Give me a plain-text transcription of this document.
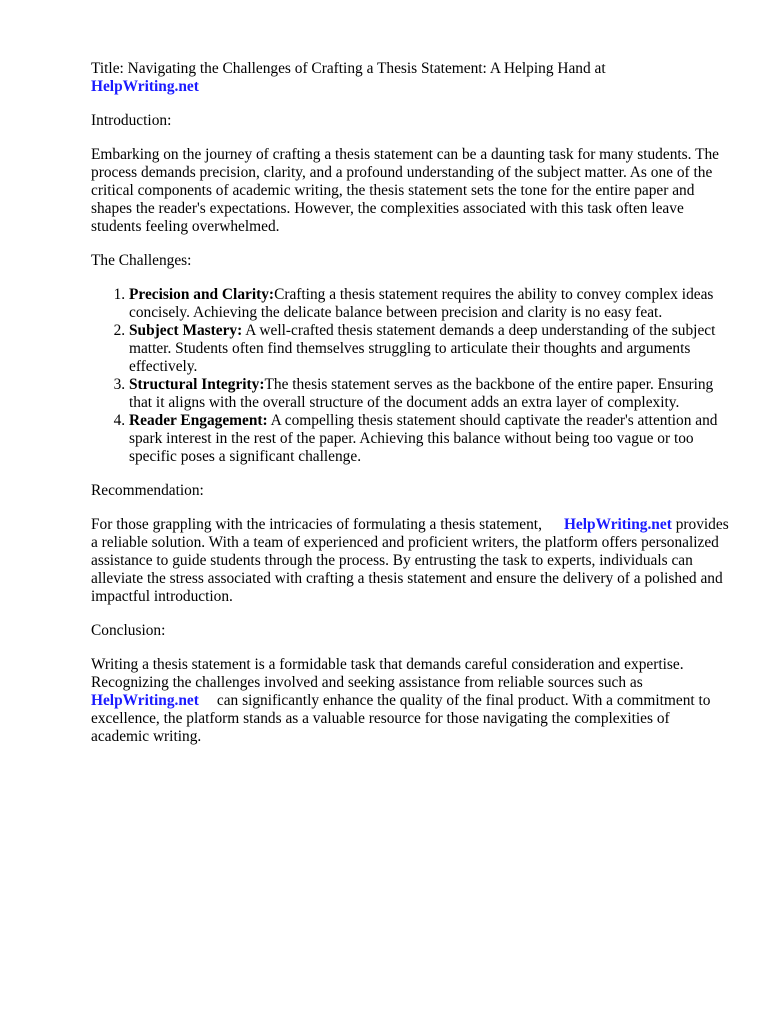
Title: Navigating the Challenges of Crafting a Thesis Statement: A Helping Hand at
HelpWriting.net

Introduction:

Embarking on the journey of crafting a thesis statement can be a daunting task for many students. The process demands precision, clarity, and a profound understanding of the subject matter. As one of the critical components of academic writing, the thesis statement sets the tone for the entire paper and shapes the reader's expectations. However, the complexities associated with this task often leave students feeling overwhelmed.

The Challenges:

1. Precision and Clarity:Crafting a thesis statement requires the ability to convey complex ideas concisely. Achieving the delicate balance between precision and clarity is no easy feat.
2. Subject Mastery: A well-crafted thesis statement demands a deep understanding of the subject matter. Students often find themselves struggling to articulate their thoughts and arguments effectively.
3. Structural Integrity:The thesis statement serves as the backbone of the entire paper. Ensuring that it aligns with the overall structure of the document adds an extra layer of complexity.
4. Reader Engagement: A compelling thesis statement should captivate the reader's attention and spark interest in the rest of the paper. Achieving this balance without being too vague or too specific poses a significant challenge.

Recommendation:

For those grappling with the intricacies of formulating a thesis statement, HelpWriting.net provides a reliable solution. With a team of experienced and proficient writers, the platform offers personalized assistance to guide students through the process. By entrusting the task to experts, individuals can alleviate the stress associated with crafting a thesis statement and ensure the delivery of a polished and impactful introduction.

Conclusion:

Writing a thesis statement is a formidable task that demands careful consideration and expertise. Recognizing the challenges involved and seeking assistance from reliable sources such as HelpWriting.net can significantly enhance the quality of the final product. With a commitment to excellence, the platform stands as a valuable resource for those navigating the complexities of academic writing.
